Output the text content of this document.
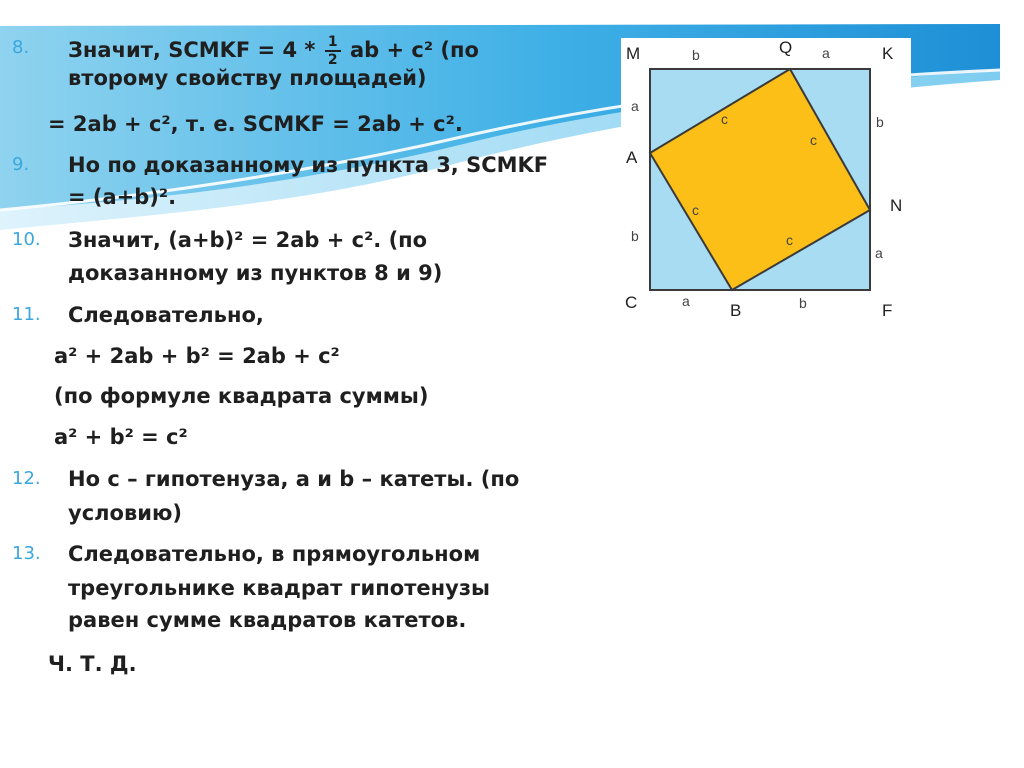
8. Значит, SCMKF = $4 * \frac{1}{2}$ ab + c² (по
второму свойству площадей)
= 2ab + c², т. е. SCMKF = 2ab + c².
9. Но по доказанному из пункта 3, SCMKF
= (a+b)².
10. Значит, (a+b)² = 2ab + c². (по
доказанному из пунктов 8 и 9)
11. Следовательно,
a² + 2ab + b² = 2ab + c²
(по формуле квадрата суммы)
a² + b² = c²
12. Но c – гипотенуза, a и b – катеты. (по
условию)
13. Следовательно, в прямоугольном
треугольнике квадрат гипотенузы
равен сумме квадратов катетов.
Ч. Т. Д.
M	Q	K
A
N
C	B	F
b	a
b
a
a	b
a
b
c
c
c
c
